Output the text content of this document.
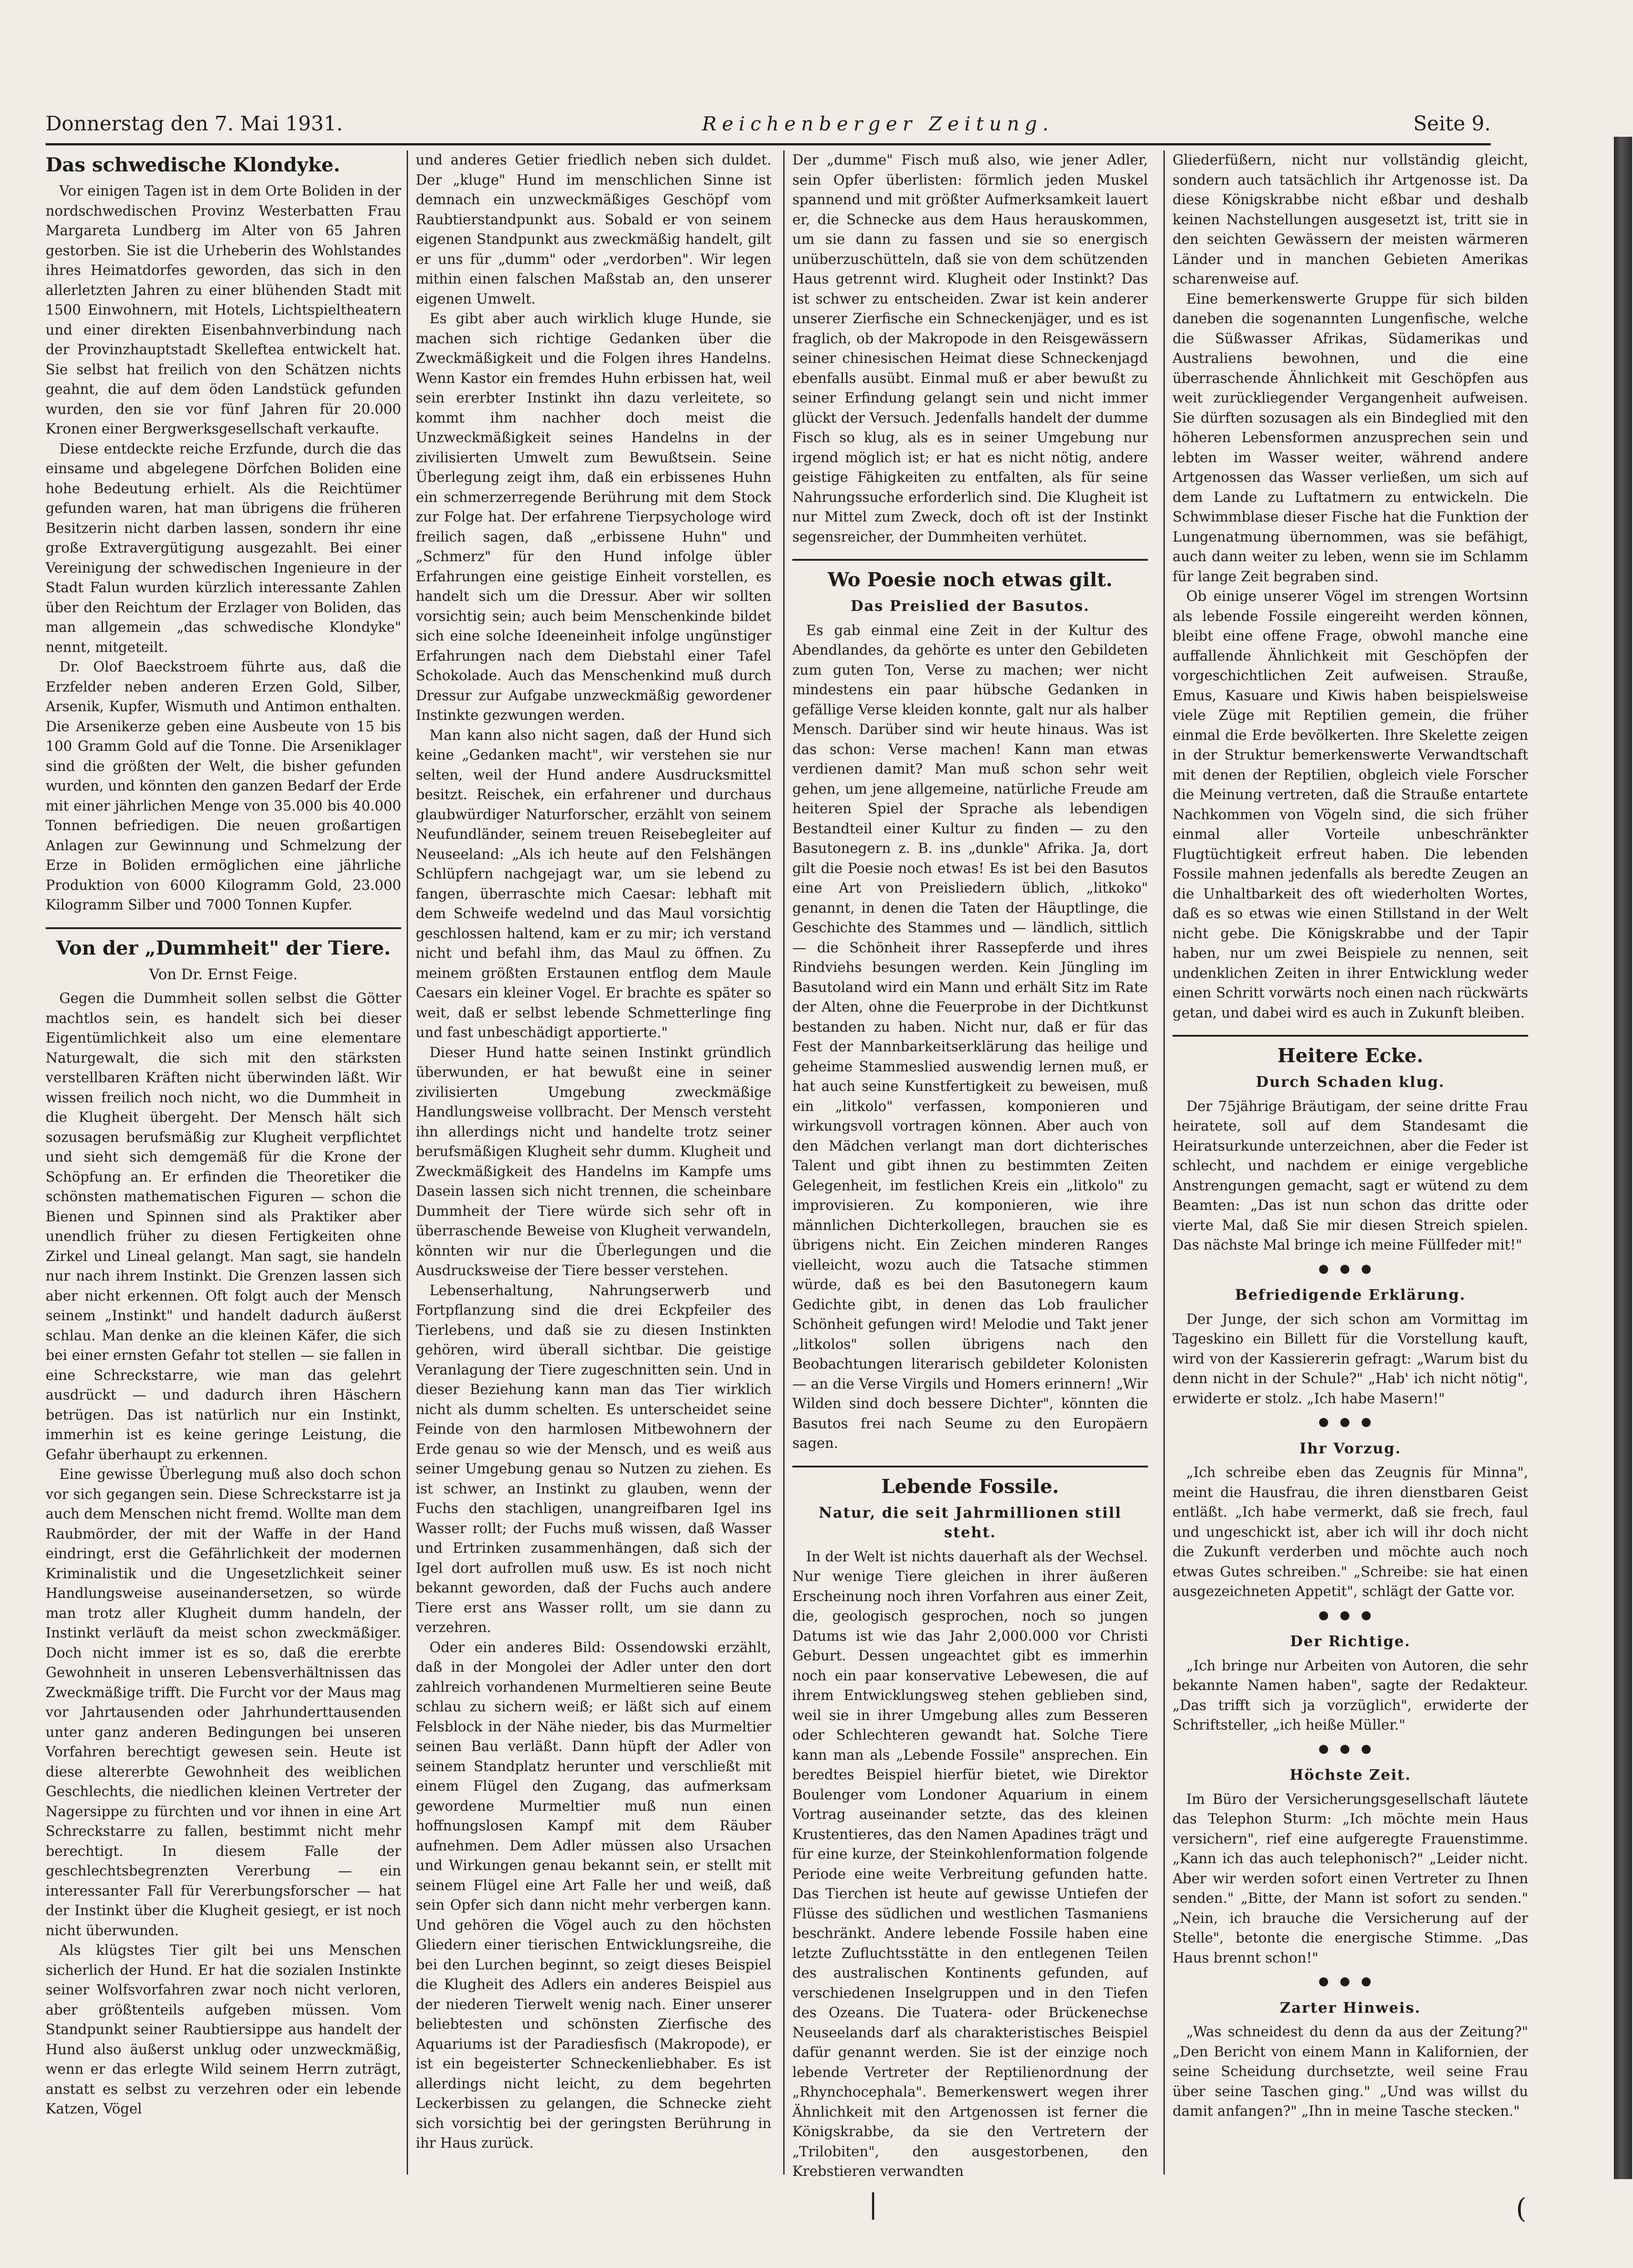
Donnerstag den 7. Mai 1931.	Reichenberger Zeitung.	Seite 9.
Das schwedische Klondyke.

Vor einigen Tagen ist in dem Orte Boliden in der nordschwedischen Provinz Westerbatten Frau Margareta Lundberg im Alter von 65 Jahren gestorben. Sie ist die Urheberin des Wohlstandes ihres Heimatdorfes geworden, das sich in den allerletzten Jahren zu einer blühenden Stadt mit 1500 Einwohnern, mit Hotels, Lichtspieltheatern und einer direkten Eisenbahnverbindung nach der Provinzhauptstadt Skelleftea entwickelt hat. Sie selbst hat freilich von den Schätzen nichts geahnt, die auf dem öden Landstück gefunden wurden, den sie vor fünf Jahren für 20.000 Kronen einer Bergwerksgesellschaft verkaufte.

Diese entdeckte reiche Erzfunde, durch die das einsame und abgelegene Dörfchen Boliden eine hohe Bedeutung erhielt. Als die Reichtümer gefunden waren, hat man übrigens die früheren Besitzerin nicht darben lassen, sondern ihr eine große Extravergütigung ausgezahlt. Bei einer Vereinigung der schwedischen Ingenieure in der Stadt Falun wurden kürzlich interessante Zahlen über den Reichtum der Erzlager von Boliden, das man allgemein „das schwedische Klondyke" nennt, mitgeteilt.

Dr. Olof Baeckstroem führte aus, daß die Erzfelder neben anderen Erzen Gold, Silber, Arsenik, Kupfer, Wismuth und Antimon enthalten. Die Arsenikerze geben eine Ausbeute von 15 bis 100 Gramm Gold auf die Tonne. Die Arseniklager sind die größten der Welt, die bisher gefunden wurden, und könnten den ganzen Bedarf der Erde mit einer jährlichen Menge von 35.000 bis 40.000 Tonnen befriedigen. Die neuen großartigen Anlagen zur Gewinnung und Schmelzung der Erze in Boliden ermöglichen eine jährliche Produktion von 6000 Kilogramm Gold, 23.000 Kilogramm Silber und 7000 Tonnen Kupfer.

Von der „Dummheit" der Tiere.
Von Dr. Ernst Feige.

Gegen die Dummheit sollen selbst die Götter machtlos sein, es handelt sich bei dieser Eigentümlichkeit also um eine elementare Naturgewalt, die sich mit den stärksten verstellbaren Kräften nicht überwinden läßt. Wir wissen freilich noch nicht, wo die Dummheit in die Klugheit übergeht. Der Mensch hält sich sozusagen berufsmäßig zur Klugheit verpflichtet und sieht sich demgemäß für die Krone der Schöpfung an. Er erfinden die Theoretiker die schönsten mathematischen Figuren — schon die Bienen und Spinnen sind als Praktiker aber unendlich früher zu diesen Fertigkeiten ohne Zirkel und Lineal gelangt. Man sagt, sie handeln nur nach ihrem Instinkt. Die Grenzen lassen sich aber nicht erkennen. Oft folgt auch der Mensch seinem „Instinkt" und handelt dadurch äußerst schlau. Man denke an die kleinen Käfer, die sich bei einer ernsten Gefahr tot stellen — sie fallen in eine Schreckstarre, wie man das gelehrt ausdrückt — und dadurch ihren Häschern betrügen. Das ist natürlich nur ein Instinkt, immerhin ist es keine geringe Leistung, die Gefahr überhaupt zu erkennen.

Eine gewisse Überlegung muß also doch schon vor sich gegangen sein. Diese Schreckstarre ist ja auch dem Menschen nicht fremd. Wollte man dem Raubmörder, der mit der Waffe in der Hand eindringt, erst die Gefährlichkeit der modernen Kriminalistik und die Ungesetzlichkeit seiner Handlungsweise auseinandersetzen, so würde man trotz aller Klugheit dumm handeln, der Instinkt verläuft da meist schon zweckmäßiger. Doch nicht immer ist es so, daß die ererbte Gewohnheit in unseren Lebensverhältnissen das Zweckmäßige trifft. Die Furcht vor der Maus mag vor Jahrtausenden oder Jahrhunderttausenden unter ganz anderen Bedingungen bei unseren Vorfahren berechtigt gewesen sein. Heute ist diese altererbte Gewohnheit des weiblichen Geschlechts, die niedlichen kleinen Vertreter der Nagersippe zu fürchten und vor ihnen in eine Art Schreckstarre zu fallen, bestimmt nicht mehr berechtigt. In diesem Falle der geschlechtsbegrenzten Vererbung — ein interessanter Fall für Vererbungsforscher — hat der Instinkt über die Klugheit gesiegt, er ist noch nicht überwunden.

Als klügstes Tier gilt bei uns Menschen sicherlich der Hund. Er hat die sozialen Instinkte seiner Wolfsvorfahren zwar noch nicht verloren, aber größtenteils aufgeben müssen. Vom Standpunkt seiner Raubtiersippe aus handelt der Hund also äußerst unklug oder unzweckmäßig, wenn er das erlegte Wild seinem Herrn zuträgt, anstatt es selbst zu verzehren oder ein lebende Katzen, Vögel

und anderes Getier friedlich neben sich duldet. Der „kluge" Hund im menschlichen Sinne ist demnach ein unzweckmäßiges Geschöpf vom Raubtierstandpunkt aus. Sobald er von seinem eigenen Standpunkt aus zweckmäßig handelt, gilt er uns für „dumm" oder „verdorben". Wir legen mithin einen falschen Maßstab an, den unserer eigenen Umwelt.

Es gibt aber auch wirklich kluge Hunde, sie machen sich richtige Gedanken über die Zweckmäßigkeit und die Folgen ihres Handelns. Wenn Kastor ein fremdes Huhn erbissen hat, weil sein ererbter Instinkt ihn dazu verleitete, so kommt ihm nachher doch meist die Unzweckmäßigkeit seines Handelns in der zivilisierten Umwelt zum Bewußtsein. Seine Überlegung zeigt ihm, daß ein erbissenes Huhn ein schmerzerregende Berührung mit dem Stock zur Folge hat. Der erfahrene Tierpsychologe wird freilich sagen, daß „erbissene Huhn" und „Schmerz" für den Hund infolge übler Erfahrungen eine geistige Einheit vorstellen, es handelt sich um die Dressur. Aber wir sollten vorsichtig sein; auch beim Menschenkinde bildet sich eine solche Ideeneinheit infolge ungünstiger Erfahrungen nach dem Diebstahl einer Tafel Schokolade. Auch das Menschenkind muß durch Dressur zur Aufgabe unzweckmäßig gewordener Instinkte gezwungen werden.

Man kann also nicht sagen, daß der Hund sich keine „Gedanken macht", wir verstehen sie nur selten, weil der Hund andere Ausdrucksmittel besitzt. Reischek, ein erfahrener und durchaus glaubwürdiger Naturforscher, erzählt von seinem Neufundländer, seinem treuen Reisebegleiter auf Neuseeland: „Als ich heute auf den Felshängen Schlüpfern nachgejagt war, um sie lebend zu fangen, überraschte mich Caesar: lebhaft mit dem Schweife wedelnd und das Maul vorsichtig geschlossen haltend, kam er zu mir; ich verstand nicht und befahl ihm, das Maul zu öffnen. Zu meinem größten Erstaunen entflog dem Maule Caesars ein kleiner Vogel. Er brachte es später so weit, daß er selbst lebende Schmetterlinge fing und fast unbeschädigt apportierte."

Dieser Hund hatte seinen Instinkt gründlich überwunden, er hat bewußt eine in seiner zivilisierten Umgebung zweckmäßige Handlungsweise vollbracht. Der Mensch versteht ihn allerdings nicht und handelte trotz seiner berufsmäßigen Klugheit sehr dumm. Klugheit und Zweckmäßigkeit des Handelns im Kampfe ums Dasein lassen sich nicht trennen, die scheinbare Dummheit der Tiere würde sich sehr oft in überraschende Beweise von Klugheit verwandeln, könnten wir nur die Überlegungen und die Ausdrucksweise der Tiere besser verstehen.

Lebenserhaltung, Nahrungserwerb und Fortpflanzung sind die drei Eckpfeiler des Tierlebens, und daß sie zu diesen Instinkten gehören, wird überall sichtbar. Die geistige Veranlagung der Tiere zugeschnitten sein. Und in dieser Beziehung kann man das Tier wirklich nicht als dumm schelten. Es unterscheidet seine Feinde von den harmlosen Mitbewohnern der Erde genau so wie der Mensch, und es weiß aus seiner Umgebung genau so Nutzen zu ziehen. Es ist schwer, an Instinkt zu glauben, wenn der Fuchs den stachligen, unangreifbaren Igel ins Wasser rollt; der Fuchs muß wissen, daß Wasser und Ertrinken zusammenhängen, daß sich der Igel dort aufrollen muß usw. Es ist noch nicht bekannt geworden, daß der Fuchs auch andere Tiere erst ans Wasser rollt, um sie dann zu verzehren.

Oder ein anderes Bild: Ossendowski erzählt, daß in der Mongolei der Adler unter den dort zahlreich vorhandenen Murmeltieren seine Beute schlau zu sichern weiß; er läßt sich auf einem Felsblock in der Nähe nieder, bis das Murmeltier seinen Bau verläßt. Dann hüpft der Adler von seinem Standplatz herunter und verschließt mit einem Flügel den Zugang, das aufmerksam gewordene Murmeltier muß nun einen hoffnungslosen Kampf mit dem Räuber aufnehmen. Dem Adler müssen also Ursachen und Wirkungen genau bekannt sein, er stellt mit seinem Flügel eine Art Falle her und weiß, daß sein Opfer sich dann nicht mehr verbergen kann. Und gehören die Vögel auch zu den höchsten Gliedern einer tierischen Entwicklungsreihe, die bei den Lurchen beginnt, so zeigt dieses Beispiel die Klugheit des Adlers ein anderes Beispiel aus der niederen Tierwelt wenig nach. Einer unserer beliebtesten und schönsten Zierfische des Aquariums ist der Paradiesfisch (Makropode), er ist ein begeisterter Schneckenliebhaber. Es ist allerdings nicht leicht, zu dem begehrten Leckerbissen zu gelangen, die Schnecke zieht sich vorsichtig bei der geringsten Berührung in ihr Haus zurück.

Der „dumme" Fisch muß also, wie jener Adler, sein Opfer überlisten: förmlich jeden Muskel spannend und mit größter Aufmerksamkeit lauert er, die Schnecke aus dem Haus herauskommen, um sie dann zu fassen und sie so energisch unüberzuschütteln, daß sie von dem schützenden Haus getrennt wird. Klugheit oder Instinkt? Das ist schwer zu entscheiden. Zwar ist kein anderer unserer Zierfische ein Schneckenjäger, und es ist fraglich, ob der Makropode in den Reisgewässern seiner chinesischen Heimat diese Schneckenjagd ebenfalls ausübt. Einmal muß er aber bewußt zu seiner Erfindung gelangt sein und nicht immer glückt der Versuch. Jedenfalls handelt der dumme Fisch so klug, als es in seiner Umgebung nur irgend möglich ist; er hat es nicht nötig, andere geistige Fähigkeiten zu entfalten, als für seine Nahrungssuche erforderlich sind. Die Klugheit ist nur Mittel zum Zweck, doch oft ist der Instinkt segensreicher, der Dummheiten verhütet.

Wo Poesie noch etwas gilt.
Das Preislied der Basutos.

Es gab einmal eine Zeit in der Kultur des Abendlandes, da gehörte es unter den Gebildeten zum guten Ton, Verse zu machen; wer nicht mindestens ein paar hübsche Gedanken in gefällige Verse kleiden konnte, galt nur als halber Mensch. Darüber sind wir heute hinaus. Was ist das schon: Verse machen! Kann man etwas verdienen damit? Man muß schon sehr weit gehen, um jene allgemeine, natürliche Freude am heiteren Spiel der Sprache als lebendigen Bestandteil einer Kultur zu finden — zu den Basutonegern z. B. ins „dunkle" Afrika. Ja, dort gilt die Poesie noch etwas! Es ist bei den Basutos eine Art von Preisliedern üblich, „litkoko" genannt, in denen die Taten der Häuptlinge, die Geschichte des Stammes und — ländlich, sittlich — die Schönheit ihrer Rassepferde und ihres Rindviehs besungen werden. Kein Jüngling im Basutoland wird ein Mann und erhält Sitz im Rate der Alten, ohne die Feuerprobe in der Dichtkunst bestanden zu haben. Nicht nur, daß er für das Fest der Mannbarkeitserklärung das heilige und geheime Stammeslied auswendig lernen muß, er hat auch seine Kunstfertigkeit zu beweisen, muß ein „litkolo" verfassen, komponieren und wirkungsvoll vortragen können. Aber auch von den Mädchen verlangt man dort dichterisches Talent und gibt ihnen zu bestimmten Zeiten Gelegenheit, im festlichen Kreis ein „litkolo" zu improvisieren. Zu komponieren, wie ihre männlichen Dichterkollegen, brauchen sie es übrigens nicht. Ein Zeichen minderen Ranges vielleicht, wozu auch die Tatsache stimmen würde, daß es bei den Basutonegern kaum Gedichte gibt, in denen das Lob fraulicher Schönheit gefungen wird! Melodie und Takt jener „litkolos" sollen übrigens nach den Beobachtungen literarisch gebildeter Kolonisten — an die Verse Virgils und Homers erinnern! „Wir Wilden sind doch bessere Dichter", könnten die Basutos frei nach Seume zu den Europäern sagen.

Lebende Fossile.
Natur, die seit Jahrmillionen still steht.

In der Welt ist nichts dauerhaft als der Wechsel. Nur wenige Tiere gleichen in ihrer äußeren Erscheinung noch ihren Vorfahren aus einer Zeit, die, geologisch gesprochen, noch so jungen Datums ist wie das Jahr 2,000.000 vor Christi Geburt. Dessen ungeachtet gibt es immerhin noch ein paar konservative Lebewesen, die auf ihrem Entwicklungsweg stehen geblieben sind, weil sie in ihrer Umgebung alles zum Besseren oder Schlechteren gewandt hat. Solche Tiere kann man als „Lebende Fossile" ansprechen. Ein beredtes Beispiel hierfür bietet, wie Direktor Boulenger vom Londoner Aquarium in einem Vortrag auseinander setzte, das des kleinen Krustentieres, das den Namen Apadines trägt und für eine kurze, der Steinkohlenformation folgende Periode eine weite Verbreitung gefunden hatte. Das Tierchen ist heute auf gewisse Untiefen der Flüsse des südlichen und westlichen Tasmaniens beschränkt. Andere lebende Fossile haben eine letzte Zufluchtsstätte in den entlegenen Teilen des australischen Kontinents gefunden, auf verschiedenen Inselgruppen und in den Tiefen des Ozeans. Die Tuatera- oder Brückenechse Neuseelands darf als charakteristisches Beispiel dafür genannt werden. Sie ist der einzige noch lebende Vertreter der Reptilienordnung der „Rhynchocephala". Bemerkenswert wegen ihrer Ähnlichkeit mit den Artgenossen ist ferner die Königskrabbe, da sie den Vertretern der „Trilobiten", den ausgestorbenen, den Krebstieren verwandten

Gliederfüßern, nicht nur vollständig gleicht, sondern auch tatsächlich ihr Artgenosse ist. Da diese Königskrabbe nicht eßbar und deshalb keinen Nachstellungen ausgesetzt ist, tritt sie in den seichten Gewässern der meisten wärmeren Länder und in manchen Gebieten Amerikas scharenweise auf.

Eine bemerkenswerte Gruppe für sich bilden daneben die sogenannten Lungenfische, welche die Süßwasser Afrikas, Südamerikas und Australiens bewohnen, und die eine überraschende Ähnlichkeit mit Geschöpfen aus weit zurückliegender Vergangenheit aufweisen. Sie dürften sozusagen als ein Bindeglied mit den höheren Lebensformen anzusprechen sein und lebten im Wasser weiter, während andere Artgenossen das Wasser verließen, um sich auf dem Lande zu Luftatmern zu entwickeln. Die Schwimmblase dieser Fische hat die Funktion der Lungenatmung übernommen, was sie befähigt, auch dann weiter zu leben, wenn sie im Schlamm für lange Zeit begraben sind.

Ob einige unserer Vögel im strengen Wortsinn als lebende Fossile eingereiht werden können, bleibt eine offene Frage, obwohl manche eine auffallende Ähnlichkeit mit Geschöpfen der vorgeschichtlichen Zeit aufweisen. Strauße, Emus, Kasuare und Kiwis haben beispielsweise viele Züge mit Reptilien gemein, die früher einmal die Erde bevölkerten. Ihre Skelette zeigen in der Struktur bemerkenswerte Verwandtschaft mit denen der Reptilien, obgleich viele Forscher die Meinung vertreten, daß die Strauße entartete Nachkommen von Vögeln sind, die sich früher einmal aller Vorteile unbeschränkter Flugtüchtigkeit erfreut haben. Die lebenden Fossile mahnen jedenfalls als beredte Zeugen an die Unhaltbarkeit des oft wiederholten Wortes, daß es so etwas wie einen Stillstand in der Welt nicht gebe. Die Königskrabbe und der Tapir haben, nur um zwei Beispiele zu nennen, seit undenklichen Zeiten in ihrer Entwicklung weder einen Schritt vorwärts noch einen nach rückwärts getan, und dabei wird es auch in Zukunft bleiben.

Heitere Ecke.
Durch Schaden klug.

Der 75jährige Bräutigam, der seine dritte Frau heiratete, soll auf dem Standesamt die Heiratsurkunde unterzeichnen, aber die Feder ist schlecht, und nachdem er einige vergebliche Anstrengungen gemacht, sagt er wütend zu dem Beamten: „Das ist nun schon das dritte oder vierte Mal, daß Sie mir diesen Streich spielen. Das nächste Mal bringe ich meine Füllfeder mit!"

●●●
Befriedigende Erklärung.

Der Junge, der sich schon am Vormittag im Tageskino ein Billett für die Vorstellung kauft, wird von der Kassiererin gefragt: „Warum bist du denn nicht in der Schule?" „Hab' ich nicht nötig", erwiderte er stolz. „Ich habe Masern!"

●●●
Ihr Vorzug.

„Ich schreibe eben das Zeugnis für Minna", meint die Hausfrau, die ihren dienstbaren Geist entläßt. „Ich habe vermerkt, daß sie frech, faul und ungeschickt ist, aber ich will ihr doch nicht die Zukunft verderben und möchte auch noch etwas Gutes schreiben." „Schreibe: sie hat einen ausgezeichneten Appetit", schlägt der Gatte vor.

●●●
Der Richtige.

„Ich bringe nur Arbeiten von Autoren, die sehr bekannte Namen haben", sagte der Redakteur. „Das trifft sich ja vorzüglich", erwiderte der Schriftsteller, „ich heiße Müller."

●●●
Höchste Zeit.

Im Büro der Versicherungsgesellschaft läutete das Telephon Sturm: „Ich möchte mein Haus versichern", rief eine aufgeregte Frauenstimme. „Kann ich das auch telephonisch?" „Leider nicht. Aber wir werden sofort einen Vertreter zu Ihnen senden." „Bitte, der Mann ist sofort zu senden." „Nein, ich brauche die Versicherung auf der Stelle", betonte die energische Stimme. „Das Haus brennt schon!"

●●●
Zarter Hinweis.

„Was schneidest du denn da aus der Zeitung?" „Den Bericht von einem Mann in Kalifornien, der seine Scheidung durchsetzte, weil seine Frau über seine Taschen ging." „Und was willst du damit anfangen?" „Ihn in meine Tasche stecken."

|	(
